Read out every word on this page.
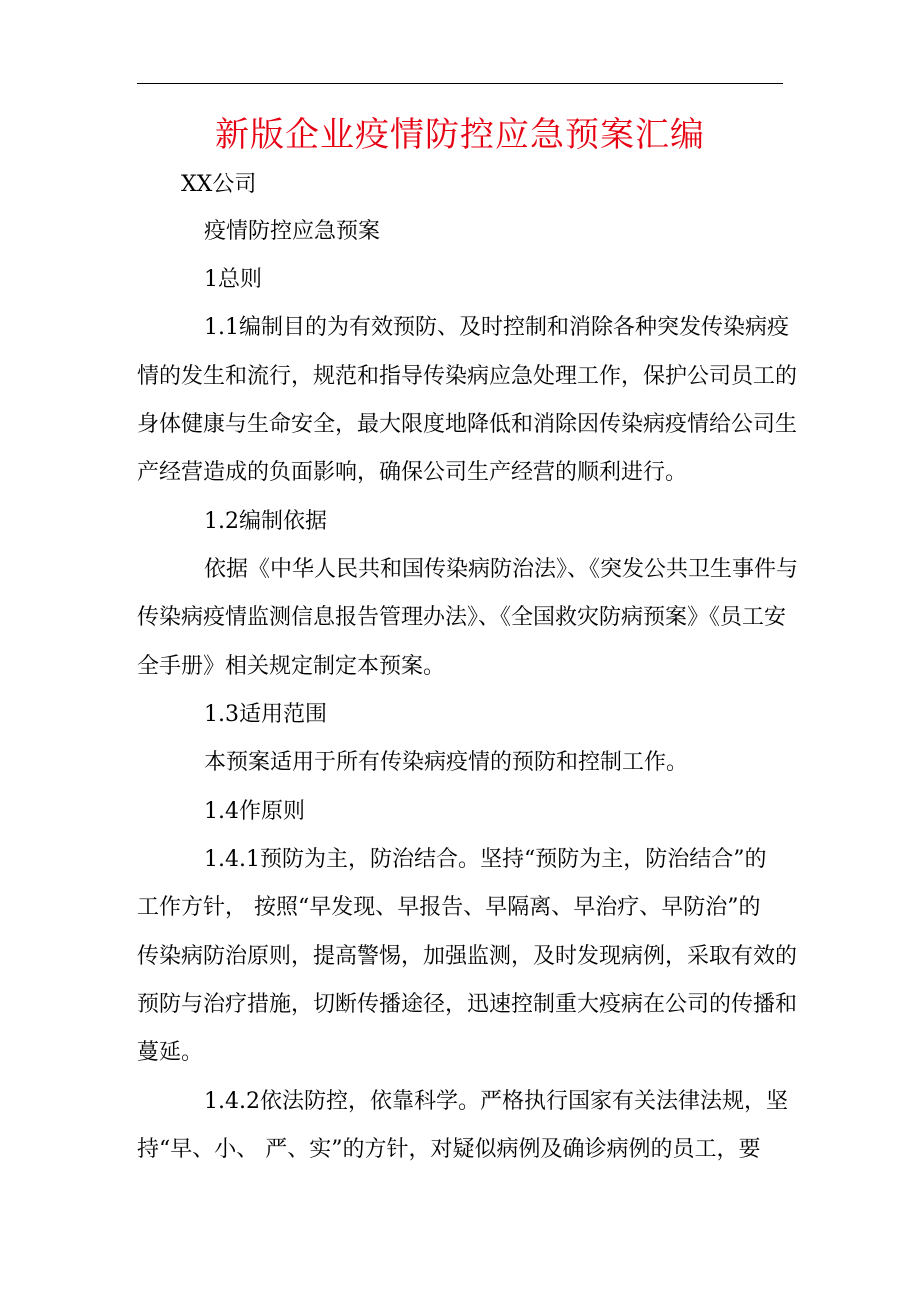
新版企业疫情防控应急预案汇编

XX公司

疫情防控应急预案

1总则

1.1编制目的为有效预防、及时控制和消除各种突发传染病疫

情的发生和流行，规范和指导传染病应急处理工作，保护公司员工的

身体健康与生命安全，最大限度地降低和消除因传染病疫情给公司生

产经营造成的负面影响，确保公司生产经营的顺利进行。

1.2编制依据

依据《中华人民共和国传染病防治法》、《突发公共卫生事件与

传染病疫情监测信息报告管理办法》、《全国救灾防病预案》《员工安

全手册》相关规定制定本预案。

1.3适用范围

本预案适用于所有传染病疫情的预防和控制工作。

1.4作原则

1.4.1预防为主，防治结合。坚持“预防为主，防治结合”的

工作方针， 按照“早发现、早报告、早隔离、早治疗、早防治”的

传染病防治原则，提高警惕，加强监测，及时发现病例，采取有效的

预防与治疗措施，切断传播途径，迅速控制重大疫病在公司的传播和

蔓延。

1.4.2依法防控，依靠科学。严格执行国家有关法律法规，坚

持“早、小、 严、实”的方针，对疑似病例及确诊病例的员工，要
